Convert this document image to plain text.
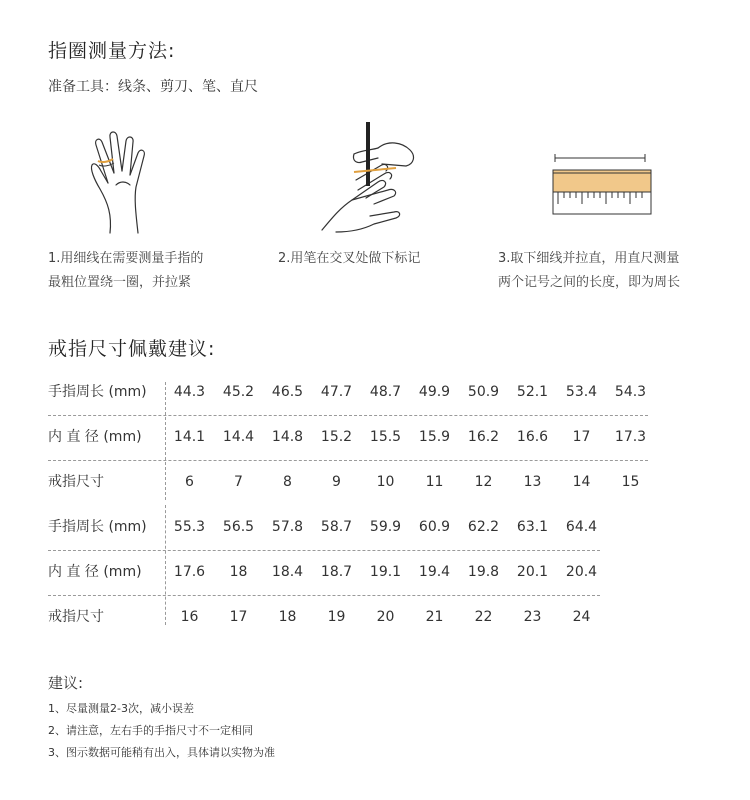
指圈测量方法:
准备工具：线条、剪刀、笔、直尺
1.用细线在需要测量手指的
最粗位置绕一圈，并拉紧
2.用笔在交叉处做下标记	3.取下细线并拉直，用直尺测量
两个记号之间的长度，即为周长
戒指尺寸佩戴建议:
手指周长 (mm)	44.3	45.2	46.5	47.7	48.7	49.9	50.9	52.1	53.4	54.3
内 直 径 (mm)	14.1	14.4	14.8	15.2	15.5	15.9	16.2	16.6	17	17.3
戒指尺寸	6	7	8	9	10	11	12	13	14	15
手指周长 (mm)	55.3	56.5	57.8	58.7	59.9	60.9	62.2	63.1	64.4
内 直 径 (mm)	17.6	18	18.4	18.7	19.1	19.4	19.8	20.1	20.4
戒指尺寸	16	17	18	19	20	21	22	23	24
建议:
1、尽量测量2-3次，减小误差
2、请注意，左右手的手指尺寸不一定相同
3、图示数据可能稍有出入，具体请以实物为准
